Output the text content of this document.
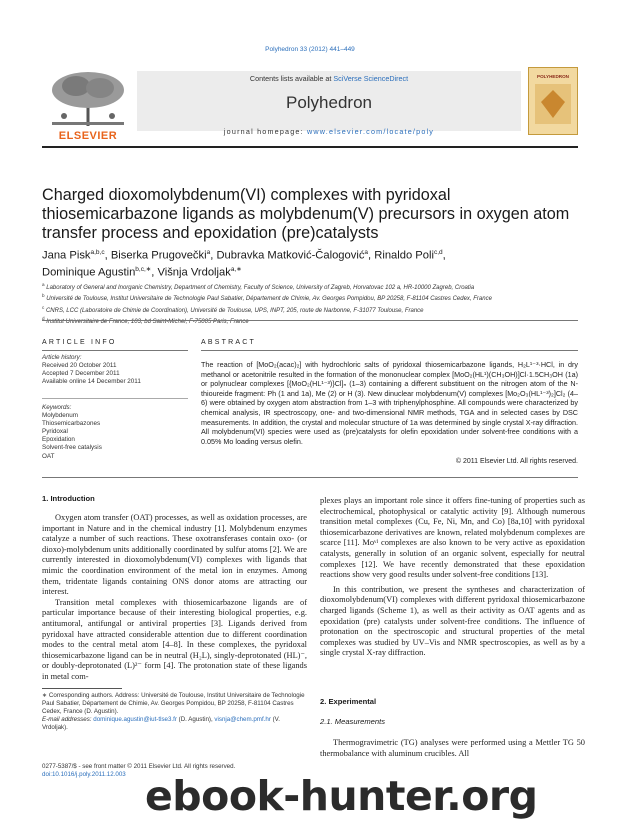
Polyhedron 33 (2012) 441–449
ELSEVIER
Contents lists available at SciVerse ScienceDirect
Polyhedron
journal homepage: www.elsevier.com/locate/poly
POLYHEDRON
Charged dioxomolybdenum(VI) complexes with pyridoxal thiosemicarbazone ligands as molybdenum(V) precursors in oxygen atom transfer process and epoxidation (pre)catalysts
Jana Pisk$^{a,b,c}$, Biserka Prugovečki$^a$, Dubravka Matković-Čalogović$^a$, Rinaldo Poli$^{c,d}$,
Dominique Agustin$^{b,c,∗}$, Višnja Vrdoljak$^{a,∗}$
$^a$ Laboratory of General and Inorganic Chemistry, Department of Chemistry, Faculty of Science, University of Zagreb, Horvatovac 102 a, HR-10000 Zagreb, Croatia
$^b$ Université de Toulouse, Institut Universitaire de Technologie Paul Sabatier, Département de Chimie, Av. Georges Pompidou, BP 20258, F-81104 Castres Cedex, France
$^c$ CNRS, LCC (Laboratoire de Chimie de Coordination), Université de Toulouse, UPS, INPT, 205, route de Narbonne, F-31077 Toulouse, France
$^d$ Institut Universitaire de France, 103, bd Saint-Michel, F-75005 Paris, France
ARTICLE INFO	ABSTRACT
Article history:
Received 20 October 2011
Accepted 7 December 2011
Available online 14 December 2011
Keywords:
Molybdenum
Thiosemicarbazones
Pyridoxal
Epoxidation
Solvent-free catalysis
OAT
The reaction of [MoO₂(acac)₂] with hydrochloric salts of pyridoxal thiosemicarbazone ligands, H₂L¹⁻³·HCl, in dry methanol or acetonitrile resulted in the formation of the mononuclear complex [MoO₂(HL¹)(CH₃OH)]Cl·1.5CH₃OH (1a) or polynuclear complexes [{MoO₂(HL¹⁻³)}Cl]ₙ (1–3) containing a different substituent on the nitrogen atom of the N-thioureide fragment: Ph (1 and 1a), Me (2) or H (3). New dinuclear molybdenum(V) complexes [Mo₂O₃(HL¹⁻³)₂]Cl₂ (4–6) were obtained by oxygen atom abstraction from 1–3 with triphenylphosphine. All compounds were characterized by chemical analysis, IR spectroscopy, one- and two-dimensional NMR methods, TGA and in selected cases by DSC measurements. In addition, the crystal and molecular structure of 1a was determined by single crystal X-ray diffraction. All molybdenum(VI) species were used as (pre)catalysts for olefin epoxidation under solvent-free conditions with a 0.05% Mo loading versus olefin.
© 2011 Elsevier Ltd. All rights reserved.
1. Introduction

Oxygen atom transfer (OAT) processes, as well as oxidation processes, are important in Nature and in the chemical industry [1]. Molybdenum enzymes catalyze a number of such reactions. These oxotransferases contain oxo- (or dioxo)-molybdenum units additionally coordinated by sulfur atoms [2]. We are currently interested in dioxomolybdenum(VI) complexes with ligands that mimic the coordination environment of the metal ion in enzymes. Among them, tridentate ligands containing ONS donor atoms are attracting our interest.

Transition metal complexes with thiosemicarbazone ligands are of particular importance because of their interesting biological properties, e.g. antitumoral, antifungal or antiviral properties [3]. Ligands derived from pyridoxal have attracted considerable attention due to different coordination modes to the central metal atom [4–8]. In these complexes, the pyridoxal thiosemicarbazone ligand can be in neutral (H₂L), singly-deprotonated (HL)⁻, or doubly-deprotonated (L)²⁻ form [4]. The protonation state of these ligands in metal com-

∗ Corresponding authors. Address: Université de Toulouse, Institut Universitaire de Technologie Paul Sabatier, Département de Chimie, Av. Georges Pompidou, BP 20258, F-81104 Castres Cedex, France (D. Agustin).
E-mail addresses: dominique.agustin@iut-tlse3.fr (D. Agustin), visnja@chem.pmf.hr (V. Vrdoljak).
0277-5387/$ - see front matter © 2011 Elsevier Ltd. All rights reserved.
doi:10.1016/j.poly.2011.12.003

plexes plays an important role since it offers fine-tuning of properties such as electrochemical, photophysical or catalytic activity [9]. Although numerous transition metal complexes (Cu, Fe, Ni, Mn, and Co) [8a,10] with pyridoxal thiosemicarbazone derivatives are known, related molybdenum complexes are scarce [11]. Moᵛᴵ complexes are also known to be very active as epoxidation catalysts, generally in solution of an organic solvent, especially for neutral complexes [12]. We have recently demonstrated that these epoxidation reactions show very good results under solvent-free conditions [13].

In this contribution, we present the syntheses and characterization of dioxomolybdenum(VI) complexes with different pyridoxal thiosemicarbazone charged ligands (Scheme 1), as well as their activity as OAT agents and as epoxidation (pre) catalysts under solvent-free conditions. The influence of protonation on the spectroscopic and structural properties of the metal complexes was studied by UV–Vis and NMR spectroscopies, as well as by a single crystal X-ray diffraction.

2. Experimental
2.1. Measurements

Thermogravimetric (TG) analyses were performed using a Mettler TG 50 thermobalance with aluminum crucibles. All

ebook-hunter.org
